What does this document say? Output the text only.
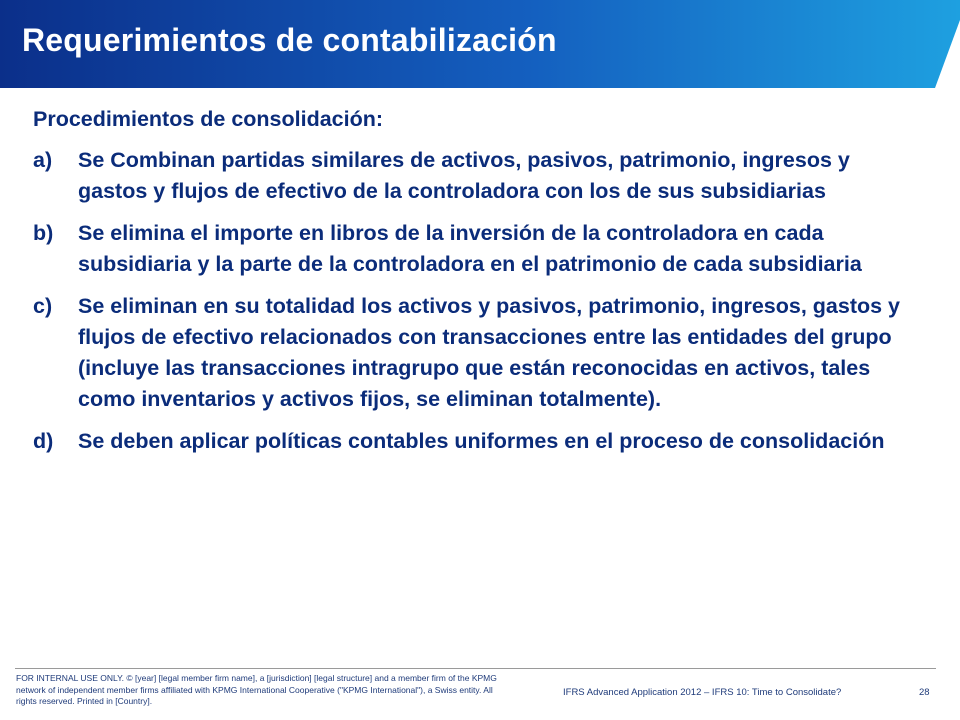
Requerimientos de contabilización
Procedimientos de consolidación:
a) Se Combinan partidas similares de activos, pasivos, patrimonio, ingresos y gastos y flujos de efectivo de la controladora con los de sus subsidiarias
b) Se elimina el importe en libros de la inversión de la controladora en cada subsidiaria y la parte de la controladora en el patrimonio de cada subsidiaria
c) Se eliminan en su totalidad los activos y pasivos, patrimonio, ingresos, gastos y flujos de efectivo relacionados con transacciones entre las entidades del grupo (incluye las transacciones intragrupo que están reconocidas en activos, tales como inventarios y activos fijos, se eliminan totalmente).
d) Se deben aplicar políticas contables uniformes en el proceso de consolidación
FOR INTERNAL USE ONLY. © [year] [legal member firm name], a [jurisdiction] [legal structure] and a member firm of the KPMG network of independent member firms affiliated with KPMG International Cooperative ("KPMG International"), a Swiss entity. All rights reserved. Printed in [Country].
IFRS Advanced Application 2012 – IFRS 10: Time to Consolidate?	28
